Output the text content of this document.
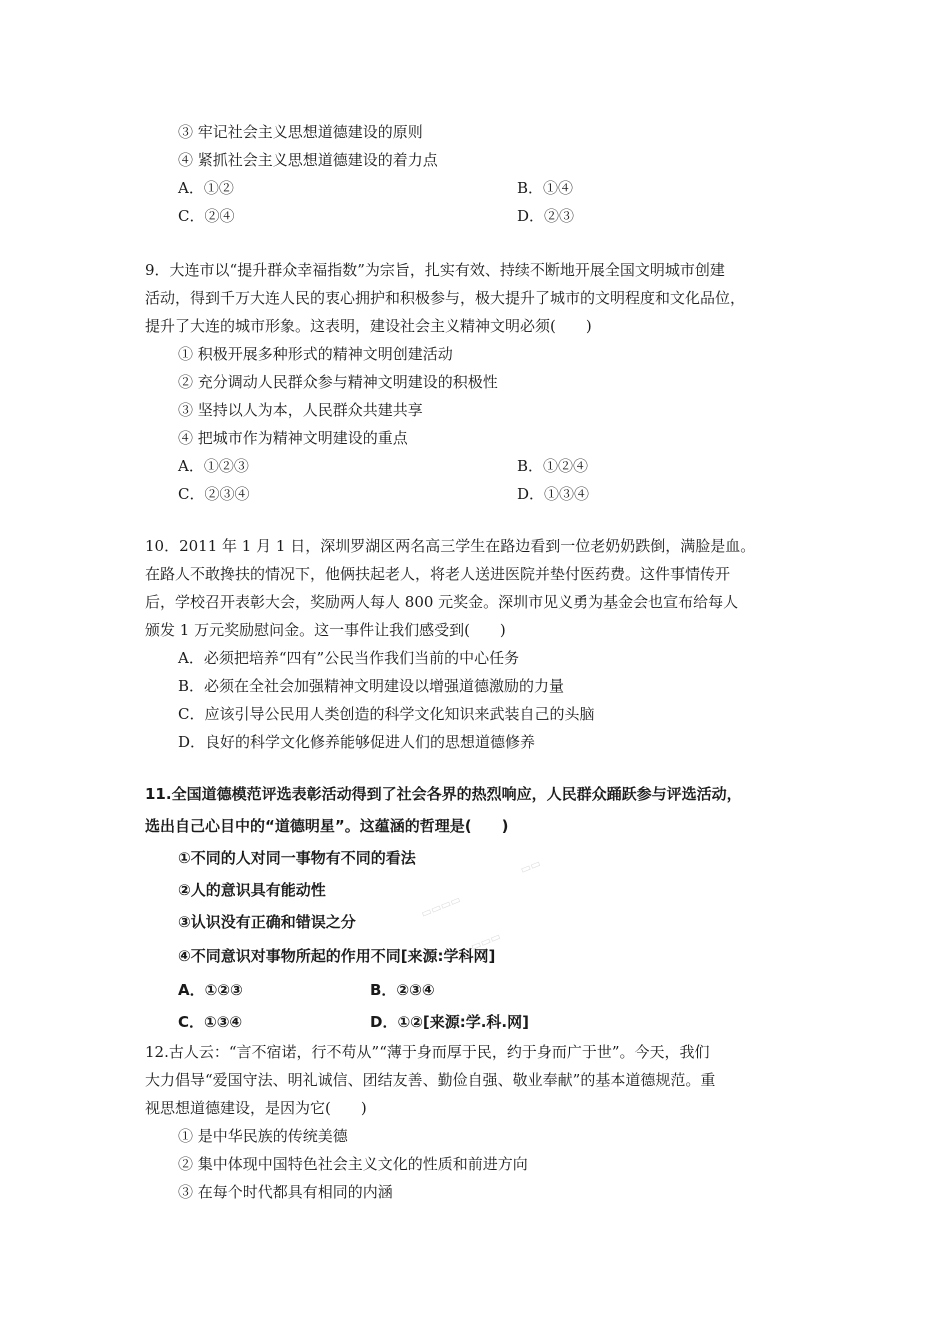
③ 牢记社会主义思想道德建设的原则
④ 紧抓社会主义思想道德建设的着力点
A．①②	B．①④
C．②④	D．②③
9．大连市以“提升群众幸福指数”为宗旨，扎实有效、持续不断地开展全国文明城市创建
活动，得到千万大连人民的衷心拥护和积极参与，极大提升了城市的文明程度和文化品位，
提升了大连的城市形象。这表明，建设社会主义精神文明必须(　　)
① 积极开展多种形式的精神文明创建活动
② 充分调动人民群众参与精神文明建设的积极性
③ 坚持以人为本，人民群众共建共享
④ 把城市作为精神文明建设的重点
A．①②③	B．①②④
C．②③④	D．①③④
10．2011 年 1 月 1 日，深圳罗湖区两名高三学生在路边看到一位老奶奶跌倒，满脸是血。
在路人不敢搀扶的情况下，他俩扶起老人，将老人送进医院并垫付医药费。这件事情传开
后，学校召开表彰大会，奖励两人每人 800 元奖金。深圳市见义勇为基金会也宣布给每人
颁发 1 万元奖励慰问金。这一事件让我们感受到(　　)
A．必须把培养“四有”公民当作我们当前的中心任务
B．必须在全社会加强精神文明建设以增强道德激励的力量
C．应该引导公民用人类创造的科学文化知识来武装自己的头脑
D．良好的科学文化修养能够促进人们的思想道德修养
11.全国道德模范评选表彰活动得到了社会各界的热烈响应，人民群众踊跃参与评选活动，
选出自己心目中的“道德明星”。这蕴涵的哲理是(　　)
①不同的人对同一事物有不同的看法
②人的意识具有能动性
③认识没有正确和错误之分
④不同意识对事物所起的作用不同[来源:学科网]
A．①②③	B．②③④
C．①③④	D．①②[来源:学.科.网]
▭▭
▭▭▭▭
▭▭▭
12.古人云：“言不宿诺，行不苟从”“薄于身而厚于民，约于身而广于世”。今天，我们
大力倡导“爱国守法、明礼诚信、团结友善、勤俭自强、敬业奉献”的基本道德规范。重
视思想道德建设，是因为它(　　)
① 是中华民族的传统美德
② 集中体现中国特色社会主义文化的性质和前进方向
③ 在每个时代都具有相同的内涵
